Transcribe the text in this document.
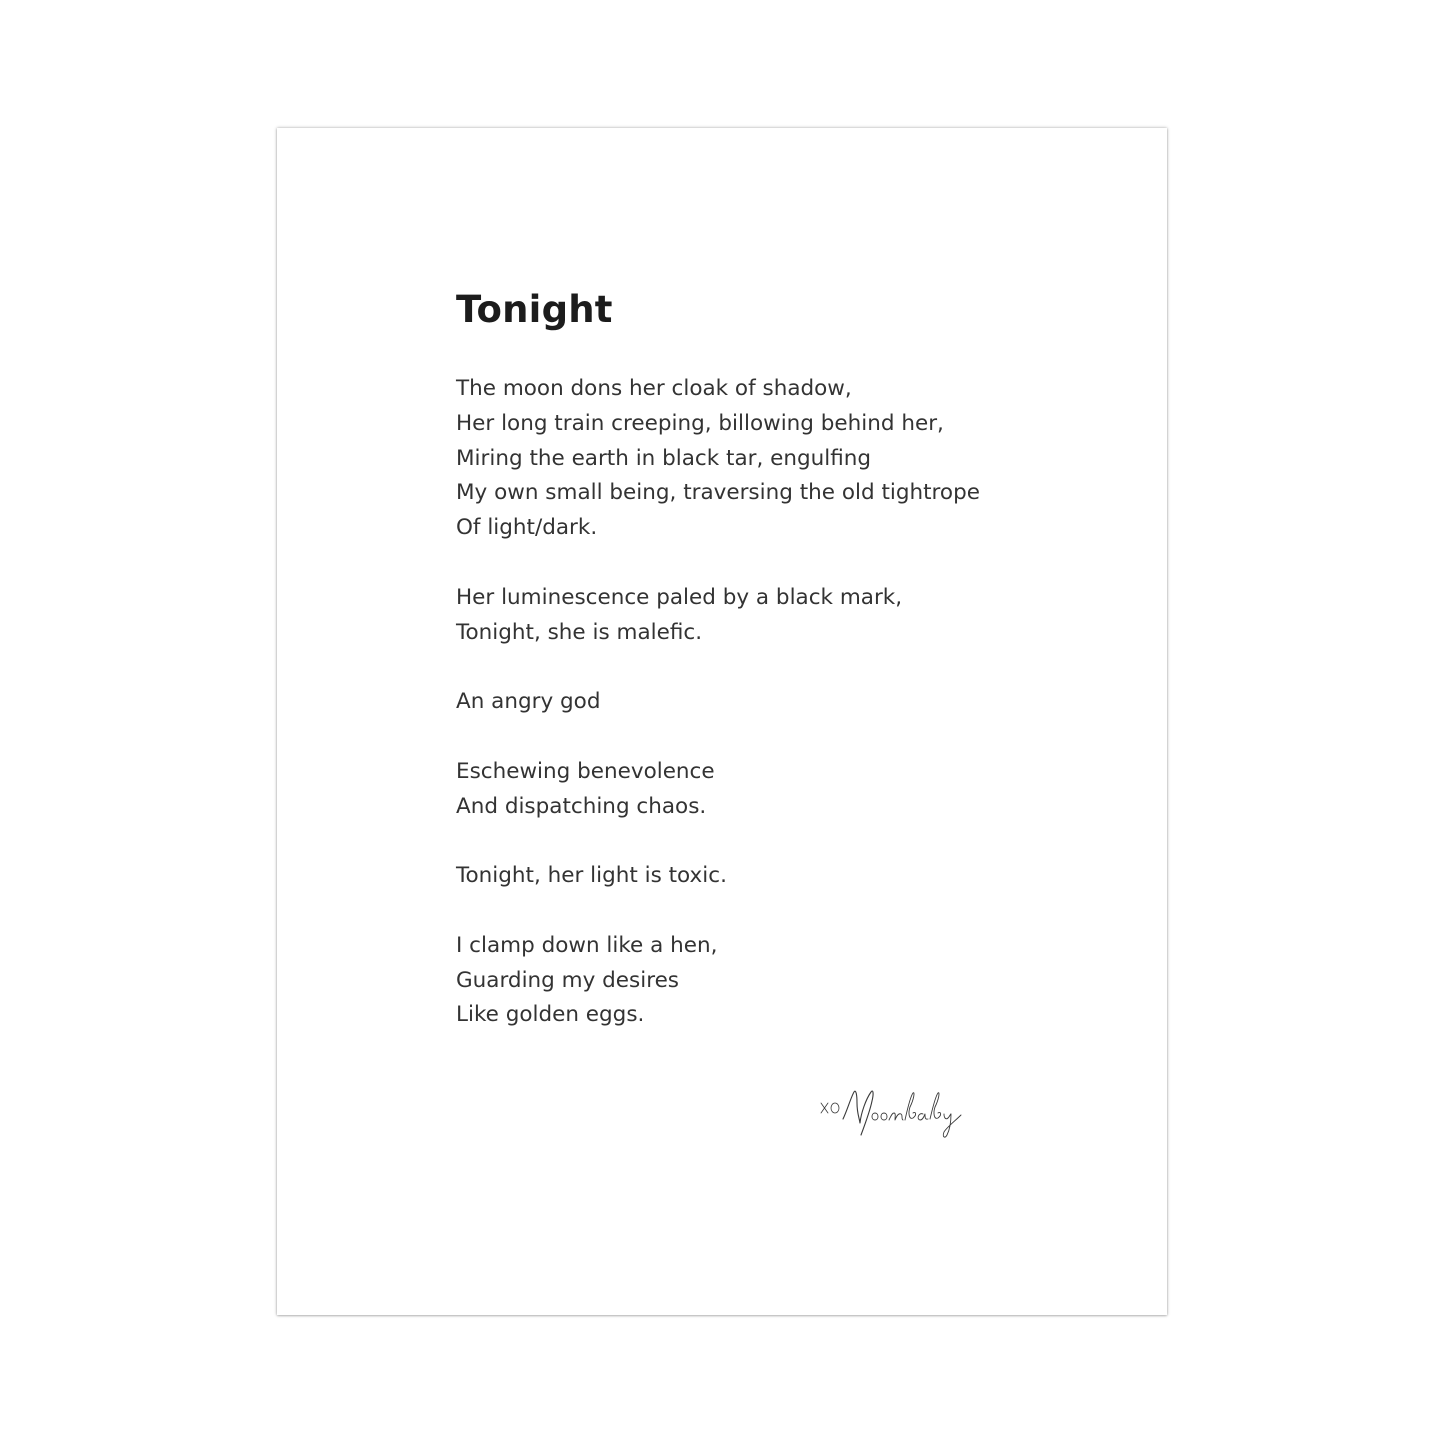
Tonight
The moon dons her cloak of shadow,
Her long train creeping, billowing behind her,
Miring the earth in black tar, engulfing
My own small being, traversing the old tightrope
Of light/dark.
Her luminescence paled by a black mark,
Tonight, she is malefic.
An angry god
Eschewing benevolence
And dispatching chaos.
Tonight, her light is toxic.
I clamp down like a hen,
Guarding my desires
Like golden eggs.
